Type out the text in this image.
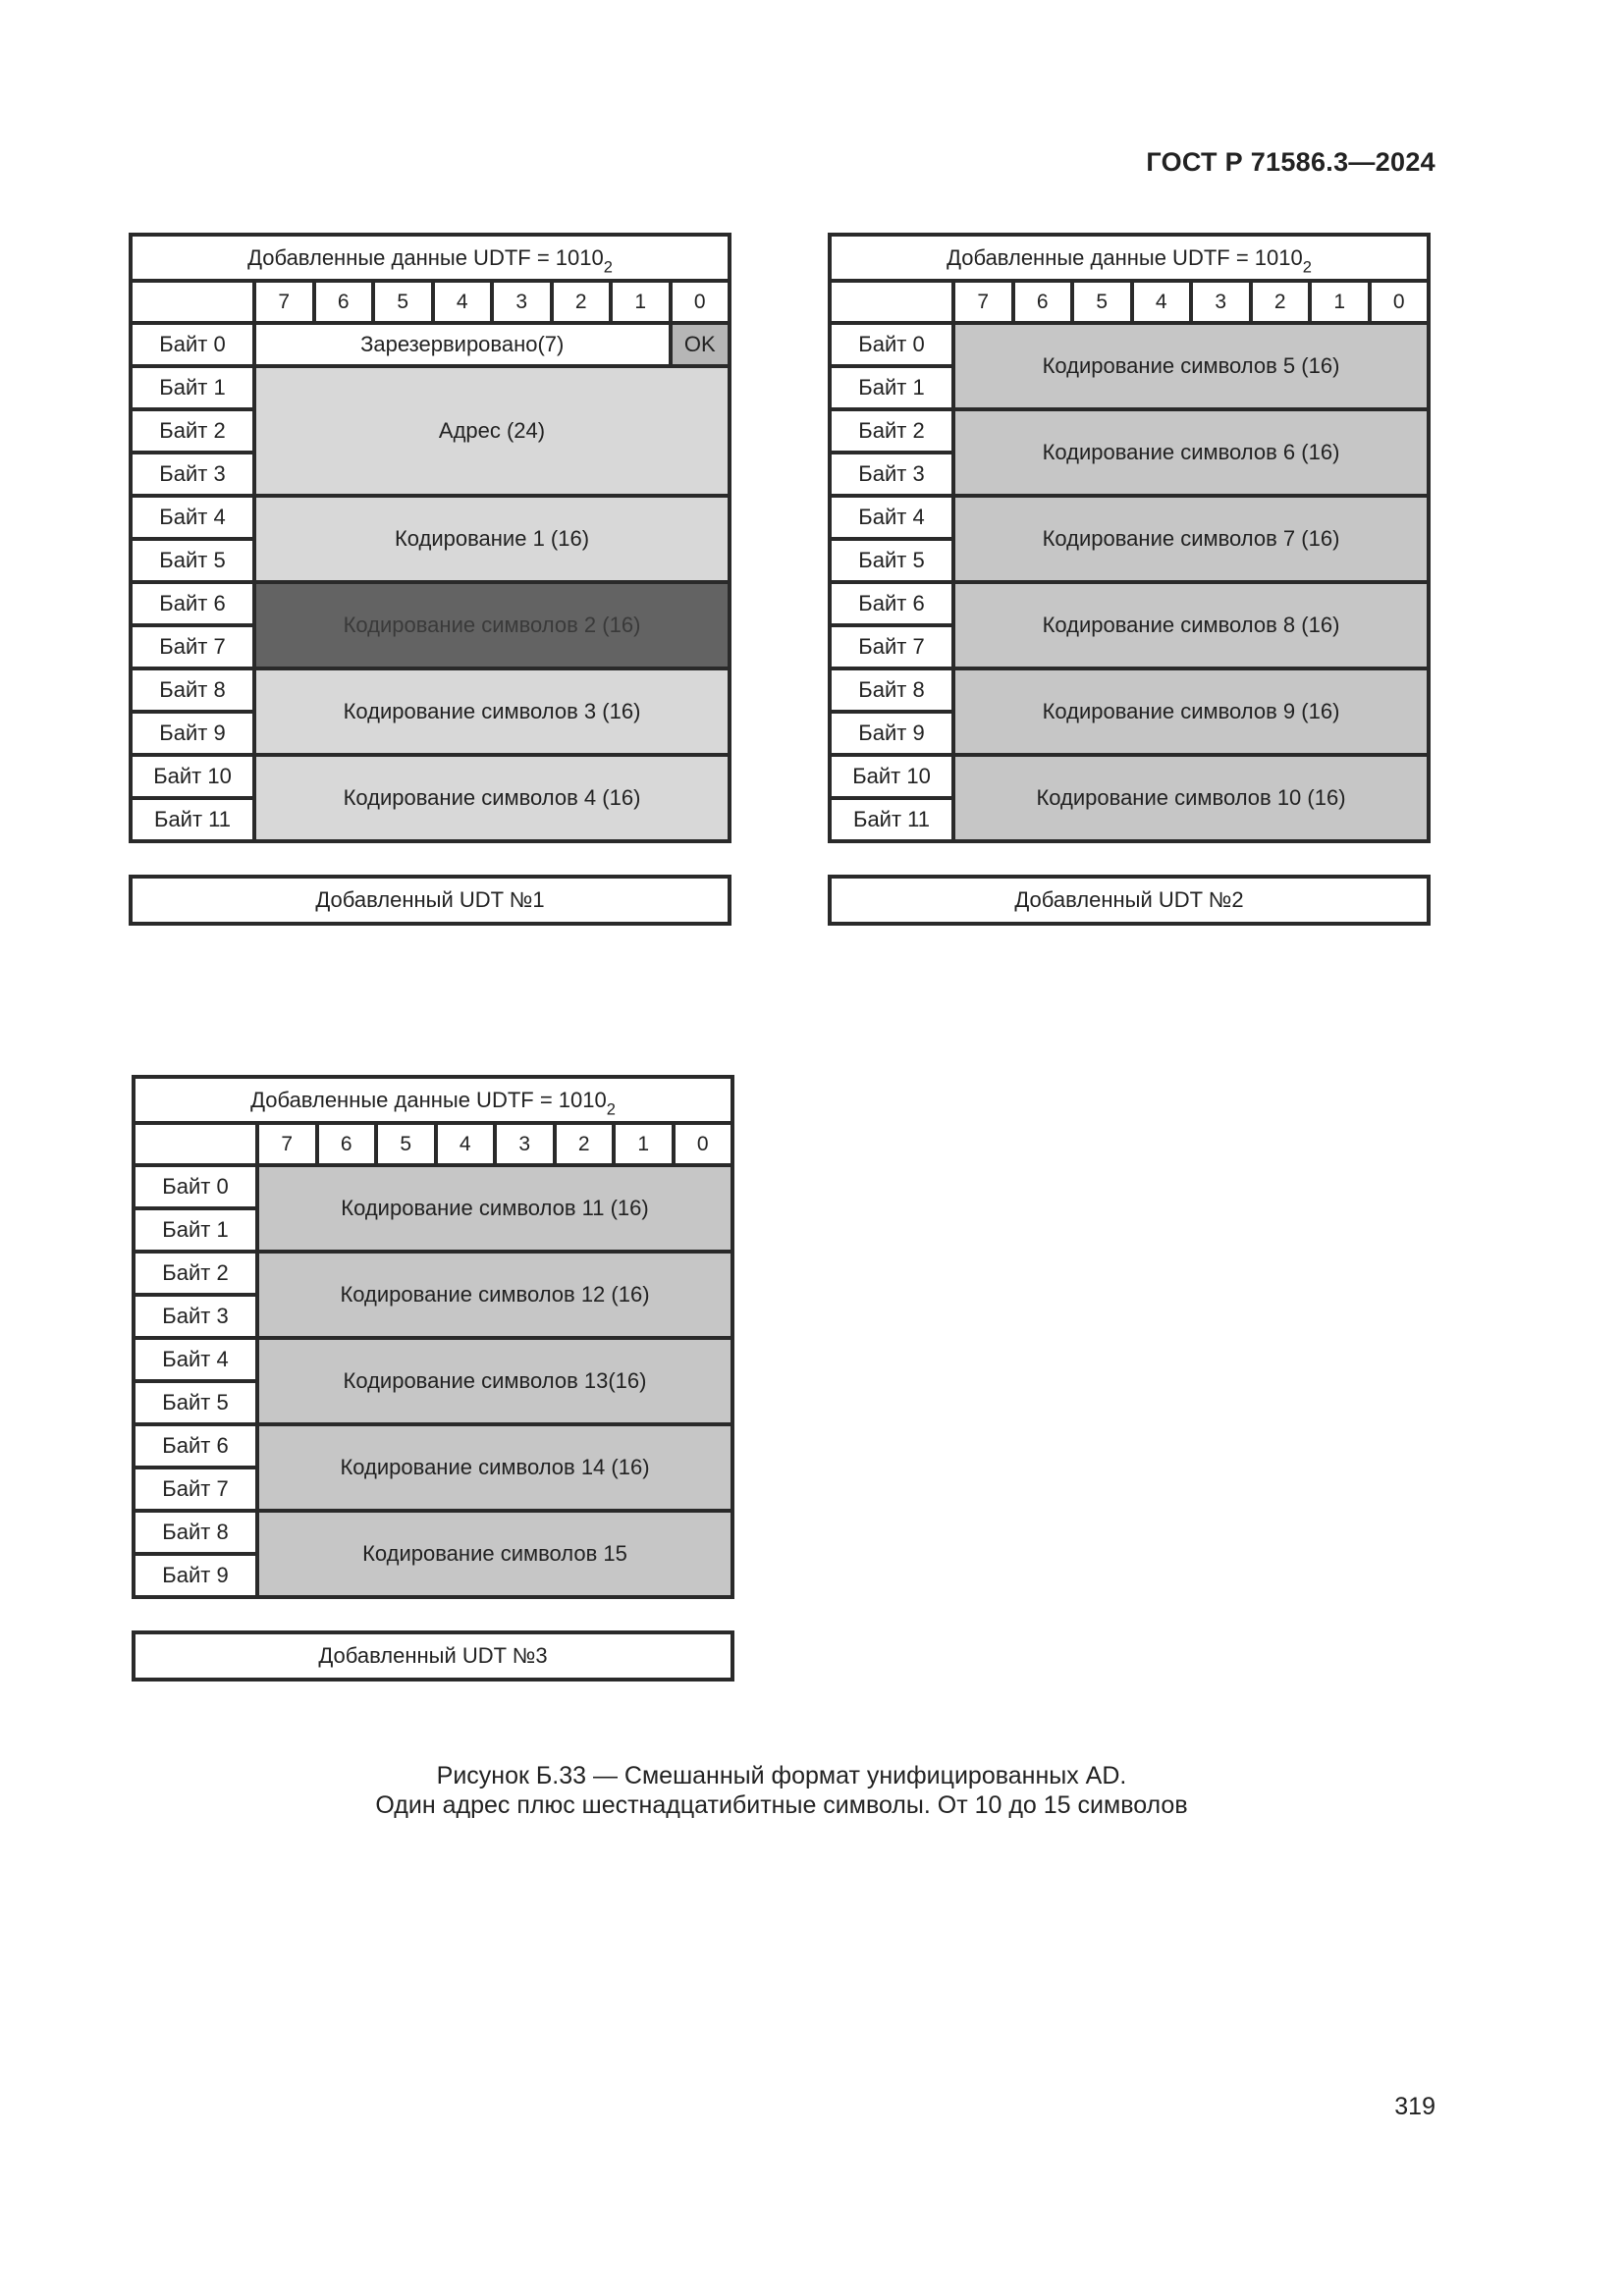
ГОСТ Р 71586.3—2024
Добавленные данные UDTF = $1010_2$
	7	6	5	4	3	2	1	0
Байт 0	Зарезервировано(7)							OK
Байт 1	Адрес (24)							
Байт 2								
Байт 3								
Байт 4	Кодирование 1 (16)							
Байт 5								
Байт 6	Кодирование символов 2 (16)							
Байт 7								
Байт 8	Кодирование символов 3 (16)							
Байт 9								
Байт 10	Кодирование символов 4 (16)							
Байт 11								
Добавленный UDT №1
Добавленные данные UDTF = $1010_2$
	7	6	5	4	3	2	1	0
Байт 0	Кодирование символов 5 (16)							
Байт 1								
Байт 2	Кодирование символов 6 (16)							
Байт 3								
Байт 4	Кодирование символов 7 (16)							
Байт 5								
Байт 6	Кодирование символов 8 (16)							
Байт 7								
Байт 8	Кодирование символов 9 (16)							
Байт 9								
Байт 10	Кодирование символов 10 (16)							
Байт 11								
Добавленный UDT №2
Добавленные данные UDTF = $1010_2$
	7	6	5	4	3	2	1	0
Байт 0	Кодирование символов 11 (16)							
Байт 1								
Байт 2	Кодирование символов 12 (16)							
Байт 3								
Байт 4	Кодирование символов 13(16)							
Байт 5								
Байт 6	Кодирование символов 14 (16)							
Байт 7								
Байт 8	Кодирование символов 15							
Байт 9								
Добавленный UDT №3
Рисунок Б.33 — Смешанный формат унифицированных AD.
Один адрес плюс шестнадцатибитные символы. От 10 до 15 символов
319
